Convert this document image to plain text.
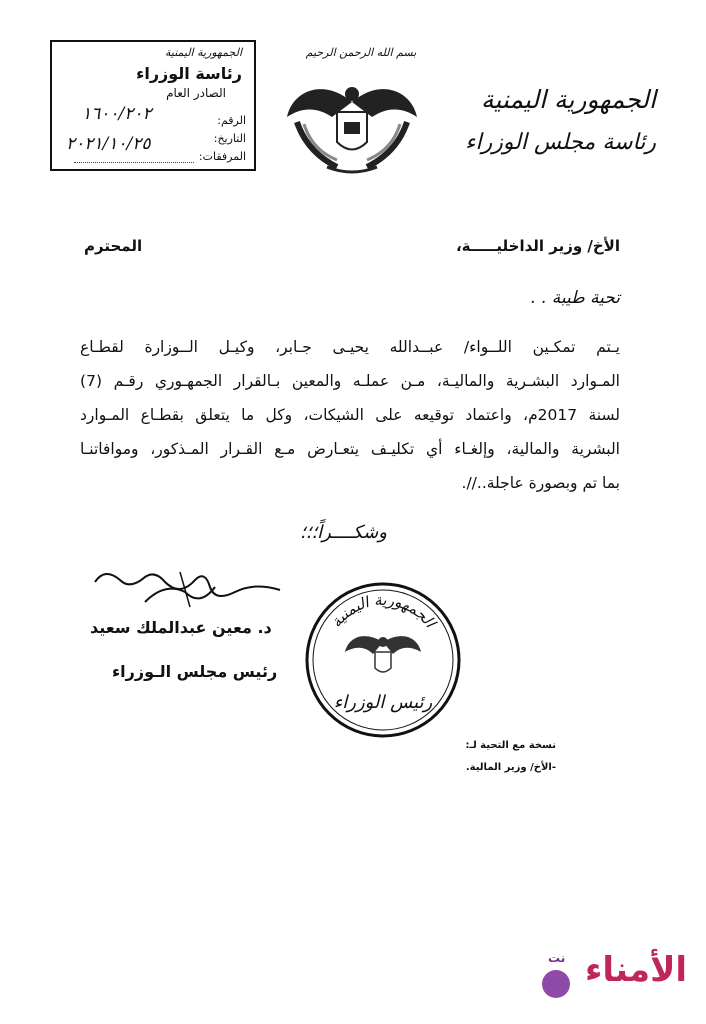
الجمهورية اليمنية
رئاسة مجلس الوزراء
بسم الله الرحمن الرحيم
الجمهورية اليمنية
رئاسة الوزراء
الصادر العام
الرقم:
١٦٠٠/٢٠٢
التاريخ:
٢٠٢١/١٠/٢٥
المرفقات:
الأخ/ وزير الداخليـــــة،
المحترم
تحية طيبة . .
يـتم تمكـين اللــواء/ عبــدالله يحيـى جـابر، وكيـل الــوزارة لقطـاع
المـوارد البشـرية والماليـة، مـن عملـه والمعين بـالقرار الجمهـوري رقـم (7)
لسنة 2017م، واعتماد توقيعه على الشيكات، وكل ما يتعلق بقطـاع المـوارد
البشرية والمالية، وإلغـاء أي تكليـف يتعـارض مـع القـرار المـذكور، وموافاتنـا
بما تم وبصورة عاجلة..//.
وشكــــراً؛؛؛
د. معين عبدالملك سعيد
رئيس مجلس الـوزراء
الجمهورية اليمنية
رئيس الوزراء
نسخة مع التحية لـ:
-الأخ/ وزير المالية.
الأمناء
نت
